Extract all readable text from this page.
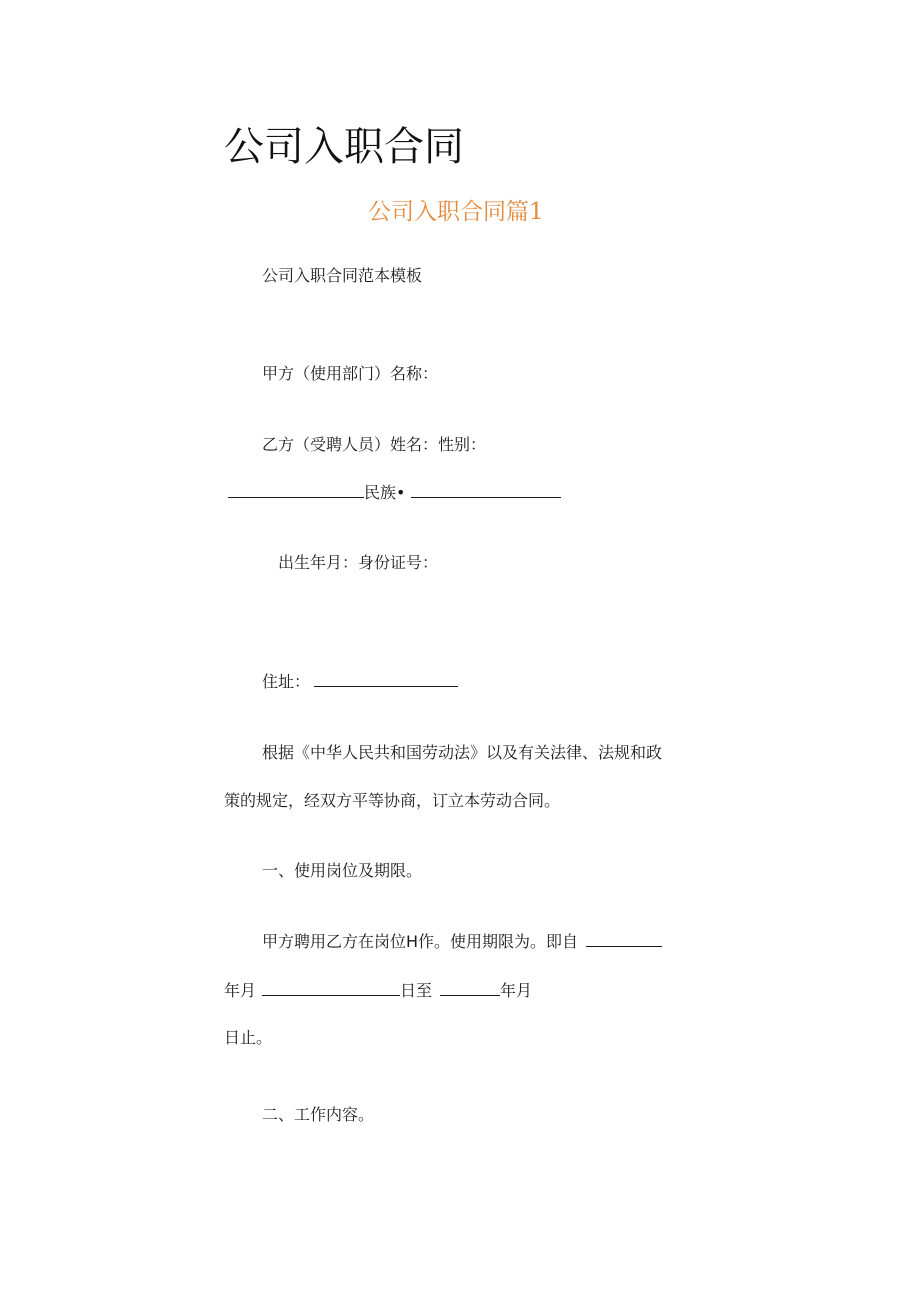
公司入职合同
公司入职合同篇1
公司入职合同范本模板
甲方（使用部门）名称：
乙方（受聘人员）姓名：性别：
民族•
出生年月：身份证号：
住址：
根据《中华人民共和国劳动法》以及有关法律、法规和政
策的规定，经双方平等协商，订立本劳动合同。
一、使用岗位及期限。
甲方聘用乙方在岗位H作。使用期限为。即自
年月	日至	年月
日止。
二、工作内容。
